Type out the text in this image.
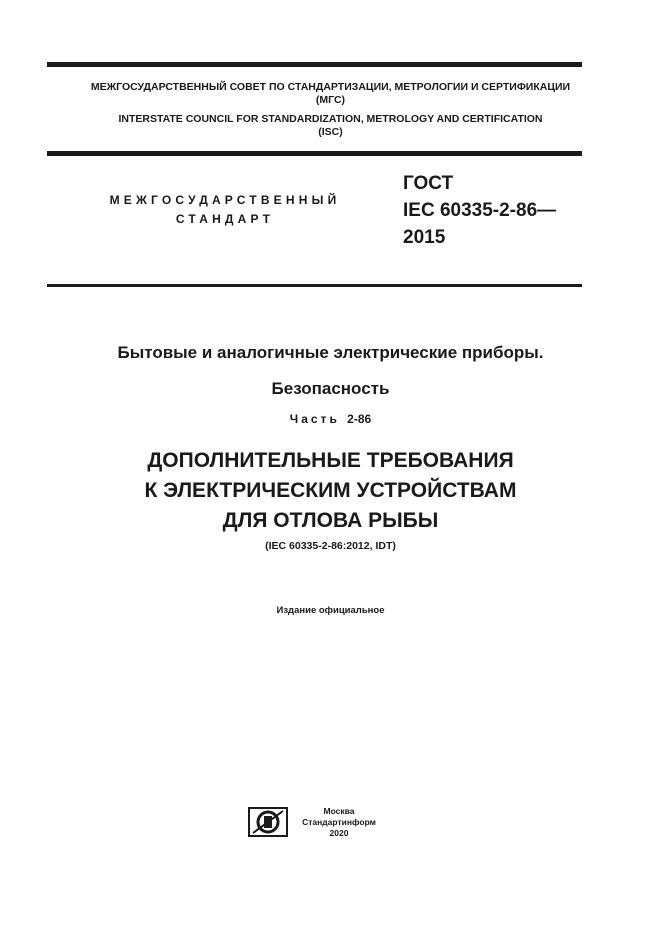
МЕЖГОСУДАРСТВЕННЫЙ СОВЕТ ПО СТАНДАРТИЗАЦИИ, МЕТРОЛОГИИ И СЕРТИФИКАЦИИ
(МГС)
INTERSTATE COUNCIL FOR STANDARDIZATION, METROLOGY AND CERTIFICATION
(ISC)
МЕЖГОСУДАРСТВЕННЫЙ
СТАНДАРТ
ГОСТ
IEC 60335-2-86—
2015
Бытовые и аналогичные электрические приборы.
Безопасность
Часть 2-86
ДОПОЛНИТЕЛЬНЫЕ ТРЕБОВАНИЯ
К ЭЛЕКТРИЧЕСКИМ УСТРОЙСТВАМ
ДЛЯ ОТЛОВА РЫБЫ
(IEC 60335-2-86:2012, IDT)
Издание официальное
Москва
Стандартинформ
2020
